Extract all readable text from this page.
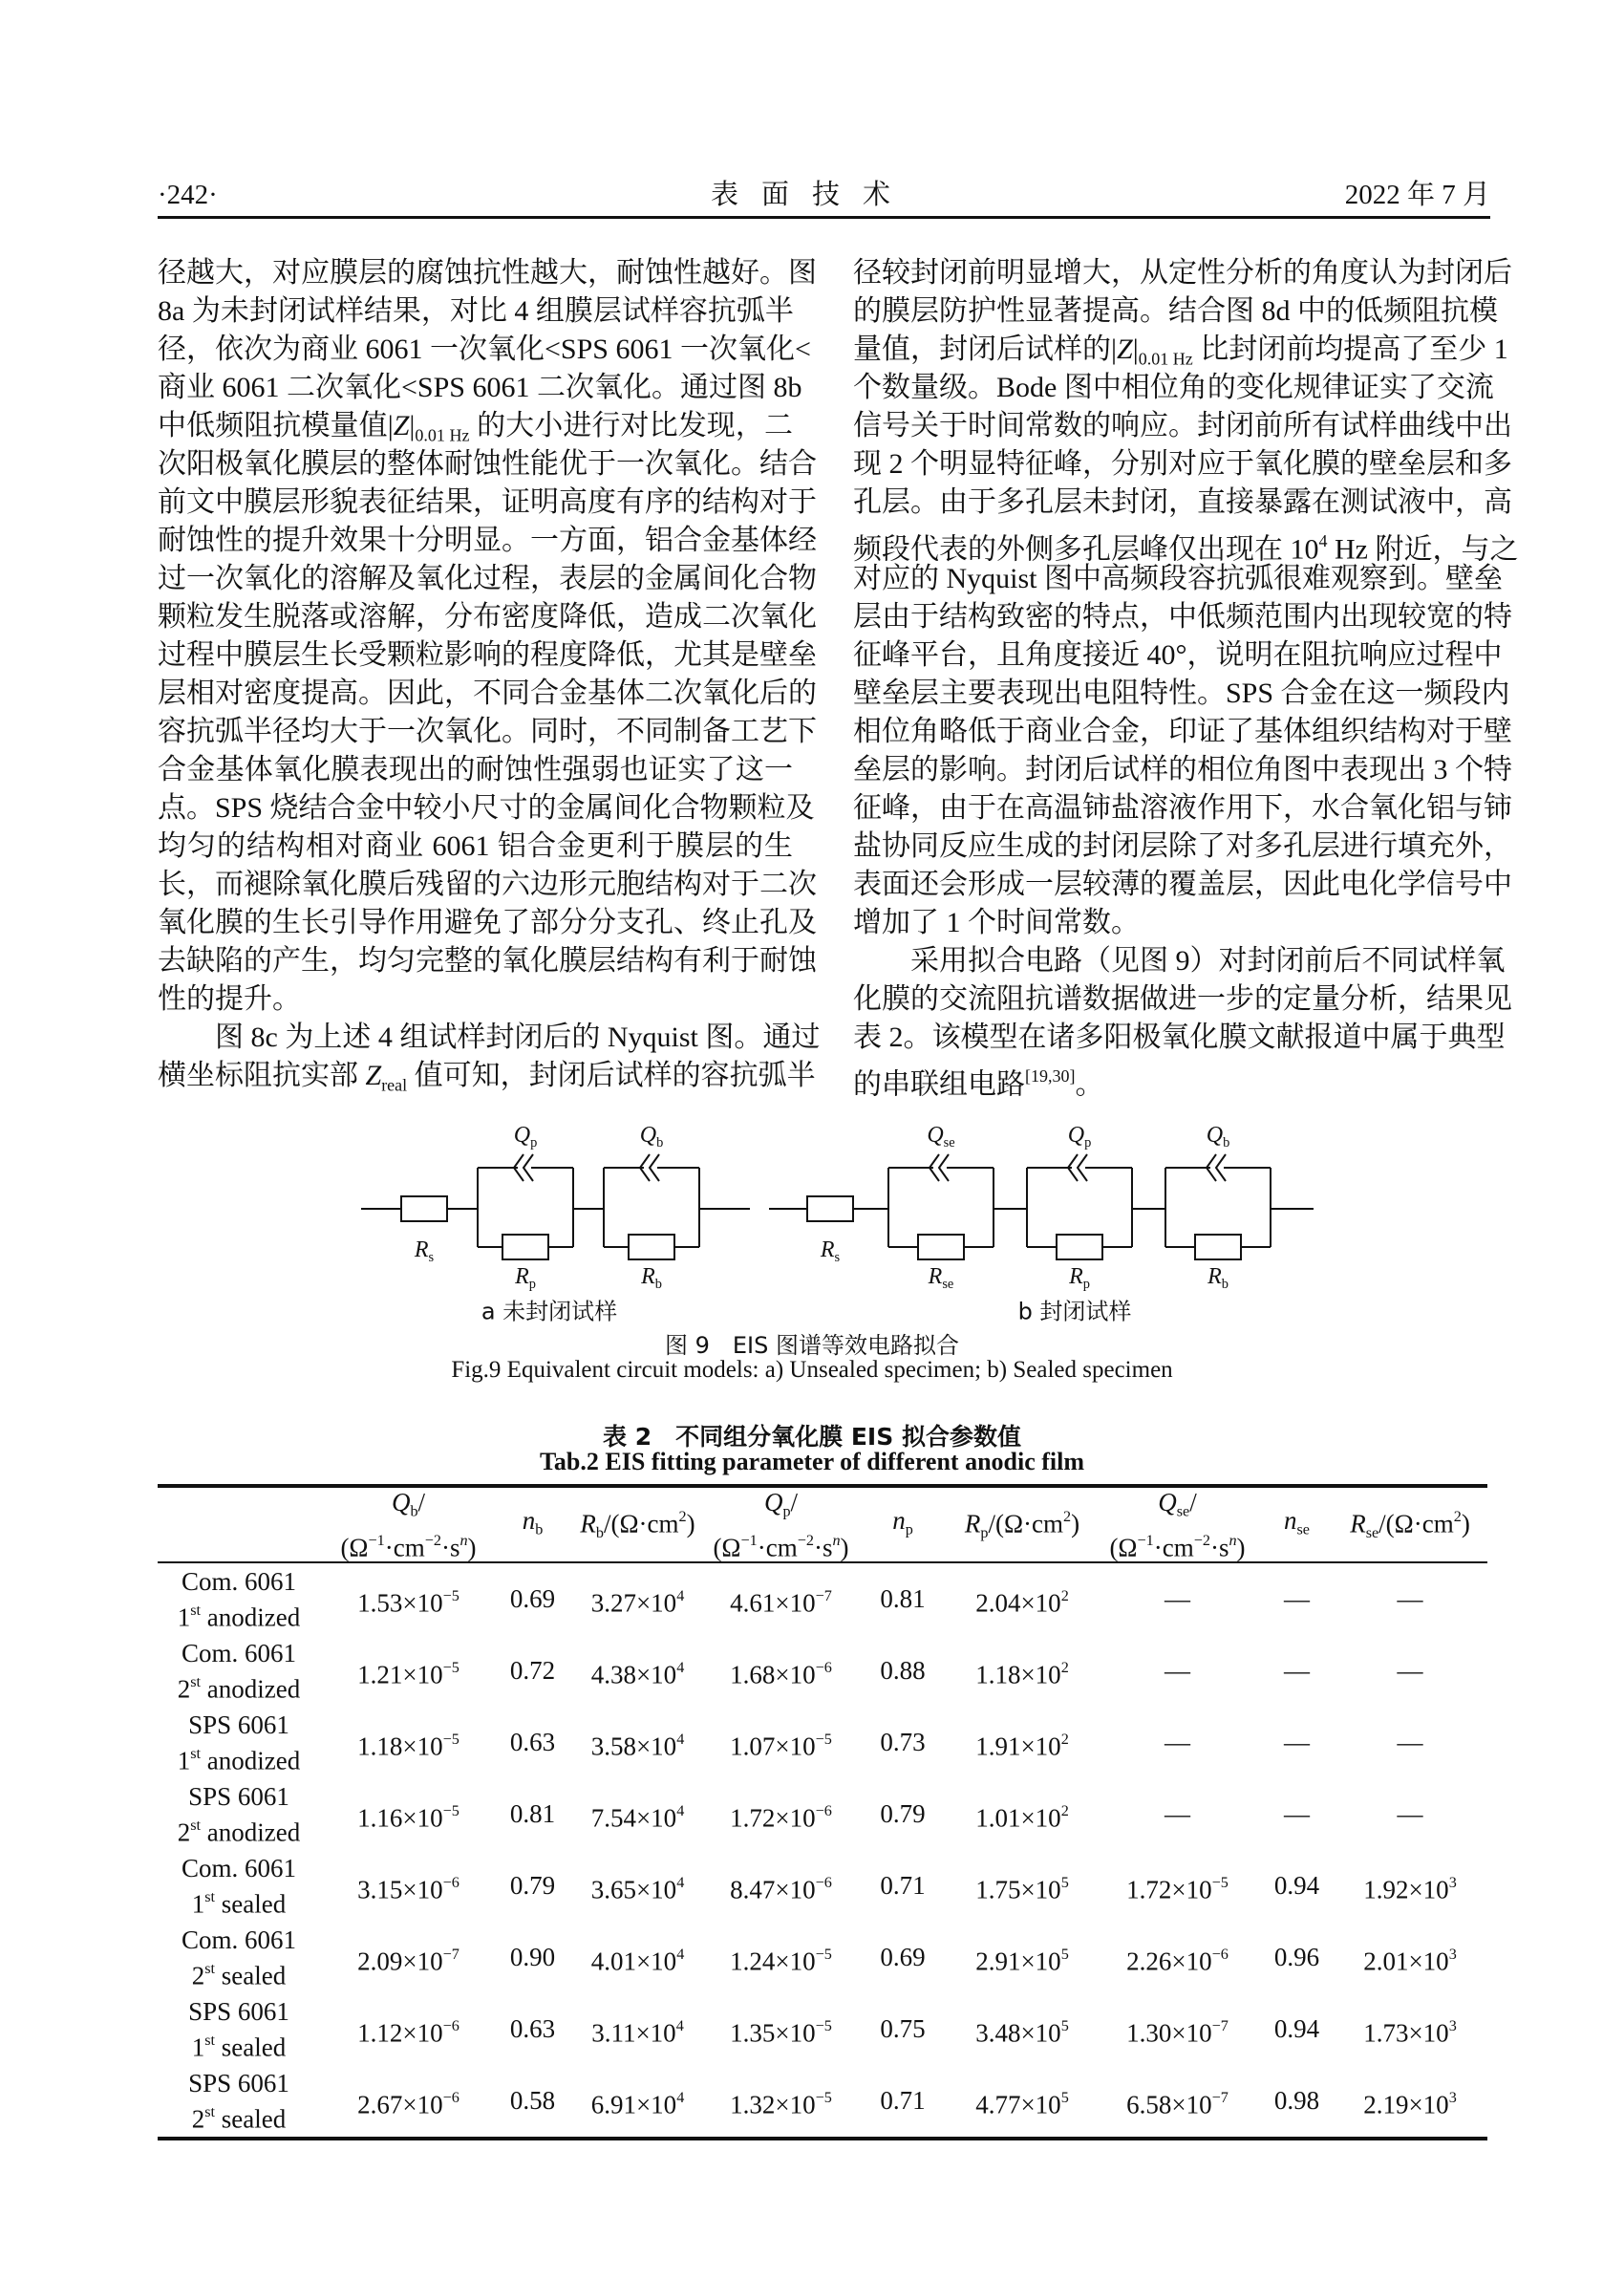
·242·	表面技术	2022 年 7 月
径越大，对应膜层的腐蚀抗性越大，耐蚀性越好。图
8a 为未封闭试样结果，对比 4 组膜层试样容抗弧半
径，依次为商业 6061 一次氧化<SPS 6061 一次氧化<
商业 6061 二次氧化<SPS 6061 二次氧化。通过图 8b
中低频阻抗模量值$|Z|_{0.01 Hz}$ 的大小进行对比发现，二
次阳极氧化膜层的整体耐蚀性能优于一次氧化。结合
前文中膜层形貌表征结果，证明高度有序的结构对于
耐蚀性的提升效果十分明显。一方面，铝合金基体经
过一次氧化的溶解及氧化过程，表层的金属间化合物
颗粒发生脱落或溶解，分布密度降低，造成二次氧化
过程中膜层生长受颗粒影响的程度降低，尤其是壁垒
层相对密度提高。因此，不同合金基体二次氧化后的
容抗弧半径均大于一次氧化。同时，不同制备工艺下
合金基体氧化膜表现出的耐蚀性强弱也证实了这一
点。SPS 烧结合金中较小尺寸的金属间化合物颗粒及
均匀的结构相对商业 6061 铝合金更利于膜层的生
长，而褪除氧化膜后残留的六边形元胞结构对于二次
氧化膜的生长引导作用避免了部分分支孔、终止孔及
去缺陷的产生，均匀完整的氧化膜层结构有利于耐蚀
性的提升。
图 8c 为上述 4 组试样封闭后的 Nyquist 图。通过
横坐标阻抗实部 $Z_{real}$ 值可知，封闭后试样的容抗弧半
径较封闭前明显增大，从定性分析的角度认为封闭后
的膜层防护性显著提高。结合图 8d 中的低频阻抗模
量值，封闭后试样的$|Z|_{0.01 Hz}$ 比封闭前均提高了至少 1
个数量级。Bode 图中相位角的变化规律证实了交流
信号关于时间常数的响应。封闭前所有试样曲线中出
现 2 个明显特征峰，分别对应于氧化膜的壁垒层和多
孔层。由于多孔层未封闭，直接暴露在测试液中，高
频段代表的外侧多孔层峰仅出现在 $10^4$ Hz 附近，与之
对应的 Nyquist 图中高频段容抗弧很难观察到。壁垒
层由于结构致密的特点，中低频范围内出现较宽的特
征峰平台，且角度接近 40°，说明在阻抗响应过程中
壁垒层主要表现出电阻特性。SPS 合金在这一频段内
相位角略低于商业合金，印证了基体组织结构对于壁
垒层的影响。封闭后试样的相位角图中表现出 3 个特
征峰，由于在高温铈盐溶液作用下，水合氧化铝与铈
盐协同反应生成的封闭层除了对多孔层进行填充外，
表面还会形成一层较薄的覆盖层，因此电化学信号中
增加了 1 个时间常数。
采用拟合电路（见图 9）对封闭前后不同试样氧
化膜的交流阻抗谱数据做进一步的定量分析，结果见
表 2。该模型在诸多阳极氧化膜文献报道中属于典型
的串联组电路[19,30]。
$R_s$
$Q_p$	$Q_b$
$R_p$	$R_b$
$R_s$
$Q_{se}$	$Q_p$	$Q_b$
$R_{se}$	$R_p$	$R_b$
a 未封闭试样	b 封闭试样
图 9　EIS 图谱等效电路拟合
Fig.9 Equivalent circuit models: a) Unsealed specimen; b) Sealed specimen
表 2　不同组分氧化膜 EIS 拟合参数值
Tab.2 EIS fitting parameter of different anodic film

	$Q_b/$
$(\Omega^{-1}\cdot cm^{-2}\cdot s^n)$	$n_b$	$R_b/(\Omega\cdot cm^2)$	$Q_p/$
$(\Omega^{-1}\cdot cm^{-2}\cdot s^n)$	$n_p$	$R_p/(\Omega\cdot cm^2)$	$Q_{se}/$
$(\Omega^{-1}\cdot cm^{-2}\cdot s^n)$	$n_{se}$	$R_{se}/(\Omega\cdot cm^2)$

Com. 6061
1st anodized	$1.53\times 10^{-5}$	0.69	$3.27\times 10^4$	$4.61\times 10^{-7}$	0.81	$2.04\times 10^2$	—	—	—

Com. 6061
2st anodized	$1.21\times 10^{-5}$	0.72	$4.38\times 10^4$	$1.68\times 10^{-6}$	0.88	$1.18\times 10^2$	—	—	—

SPS 6061
1st anodized	$1.18\times 10^{-5}$	0.63	$3.58\times 10^4$	$1.07\times 10^{-5}$	0.73	$1.91\times 10^2$	—	—	—

SPS 6061
2st anodized	$1.16\times 10^{-5}$	0.81	$7.54\times 10^4$	$1.72\times 10^{-6}$	0.79	$1.01\times 10^2$	—	—	—

Com. 6061
1st sealed	$3.15\times 10^{-6}$	0.79	$3.65\times 10^4$	$8.47\times 10^{-6}$	0.71	$1.75\times 10^5$	$1.72\times 10^{-5}$	0.94	$1.92\times 10^3$

Com. 6061
2st sealed	$2.09\times 10^{-7}$	0.90	$4.01\times 10^4$	$1.24\times 10^{-5}$	0.69	$2.91\times 10^5$	$2.26\times 10^{-6}$	0.96	$2.01\times 10^3$

SPS 6061
1st sealed	$1.12\times 10^{-6}$	0.63	$3.11\times 10^4$	$1.35\times 10^{-5}$	0.75	$3.48\times 10^5$	$1.30\times 10^{-7}$	0.94	$1.73\times 10^3$

SPS 6061
2st sealed	$2.67\times 10^{-6}$	0.58	$6.91\times 10^4$	$1.32\times 10^{-5}$	0.71	$4.77\times 10^5$	$6.58\times 10^{-7}$	0.98	$2.19\times 10^3$
